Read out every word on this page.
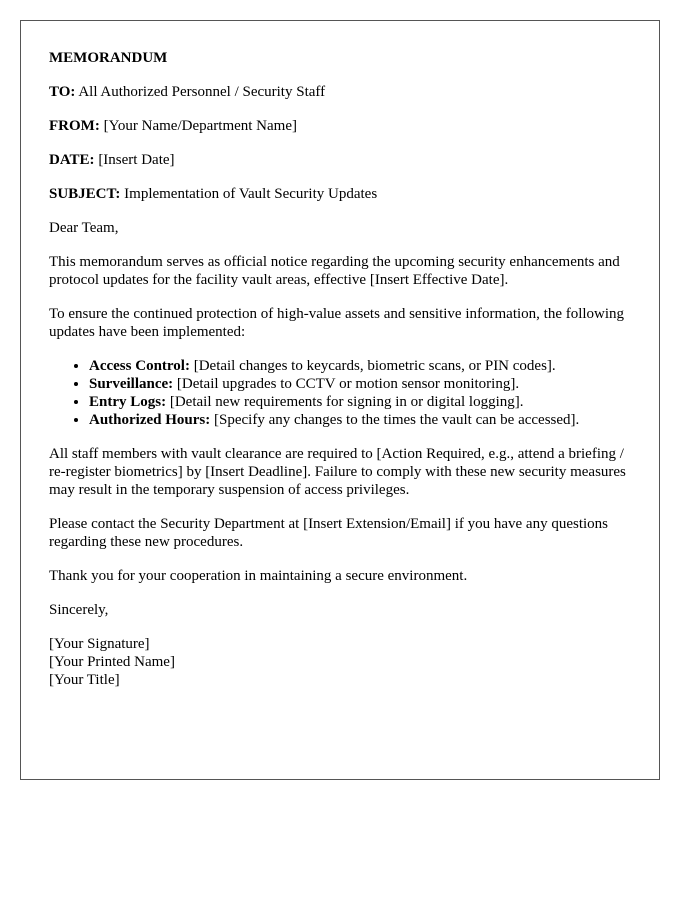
MEMORANDUM
TO: All Authorized Personnel / Security Staff
FROM: [Your Name/Department Name]
DATE: [Insert Date]
SUBJECT: Implementation of Vault Security Updates

Dear Team,

This memorandum serves as official notice regarding the upcoming security enhancements and protocol updates for the facility vault areas, effective [Insert Effective Date].

To ensure the continued protection of high-value assets and sensitive information, the following updates have been implemented:

• Access Control: [Detail changes to keycards, biometric scans, or PIN codes].
• Surveillance: [Detail upgrades to CCTV or motion sensor monitoring].
• Entry Logs: [Detail new requirements for signing in or digital logging].
• Authorized Hours: [Specify any changes to the times the vault can be accessed].

All staff members with vault clearance are required to [Action Required, e.g., attend a briefing / re-register biometrics] by [Insert Deadline]. Failure to comply with these new security measures may result in the temporary suspension of access privileges.

Please contact the Security Department at [Insert Extension/Email] if you have any questions regarding these new procedures.

Thank you for your cooperation in maintaining a secure environment.

Sincerely,

[Your Signature]
[Your Printed Name]
[Your Title]
